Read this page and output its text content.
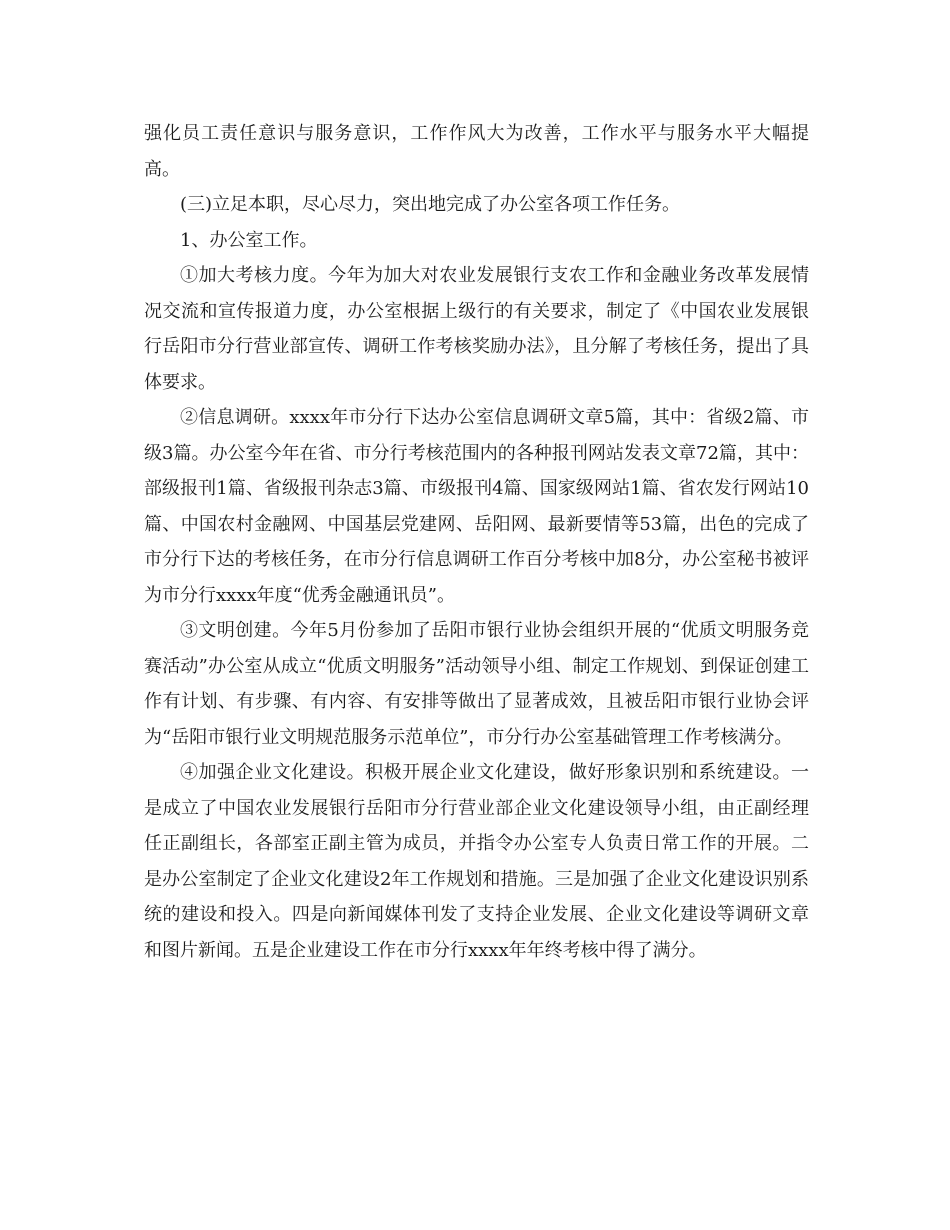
强化员工责任意识与服务意识，工作作风大为改善，工作水平与服务水平大幅提高。

(三)立足本职，尽心尽力，突出地完成了办公室各项工作任务。

1、办公室工作。

①加大考核力度。今年为加大对农业发展银行支农工作和金融业务改革发展情况交流和宣传报道力度，办公室根据上级行的有关要求，制定了《中国农业发展银行岳阳市分行营业部宣传、调研工作考核奖励办法》，且分解了考核任务，提出了具体要求。

②信息调研。xxxx年市分行下达办公室信息调研文章5篇，其中：省级2篇、市级3篇。办公室今年在省、市分行考核范围内的各种报刊网站发表文章72篇，其中：部级报刊1篇、省级报刊杂志3篇、市级报刊4篇、国家级网站1篇、省农发行网站10篇、中国农村金融网、中国基层党建网、岳阳网、最新要情等53篇，出色的完成了市分行下达的考核任务，在市分行信息调研工作百分考核中加8分，办公室秘书被评为市分行xxxx年度“优秀金融通讯员”。

③文明创建。今年5月份参加了岳阳市银行业协会组织开展的“优质文明服务竞赛活动”办公室从成立“优质文明服务”活动领导小组、制定工作规划、到保证创建工作有计划、有步骤、有内容、有安排等做出了显著成效，且被岳阳市银行业协会评为“岳阳市银行业文明规范服务示范单位”，市分行办公室基础管理工作考核满分。

④加强企业文化建设。积极开展企业文化建设，做好形象识别和系统建设。一是成立了中国农业发展银行岳阳市分行营业部企业文化建设领导小组，由正副经理任正副组长，各部室正副主管为成员，并指令办公室专人负责日常工作的开展。二是办公室制定了企业文化建设2年工作规划和措施。三是加强了企业文化建设识别系统的建设和投入。四是向新闻媒体刊发了支持企业发展、企业文化建设等调研文章和图片新闻。五是企业建设工作在市分行xxxx年年终考核中得了满分。
